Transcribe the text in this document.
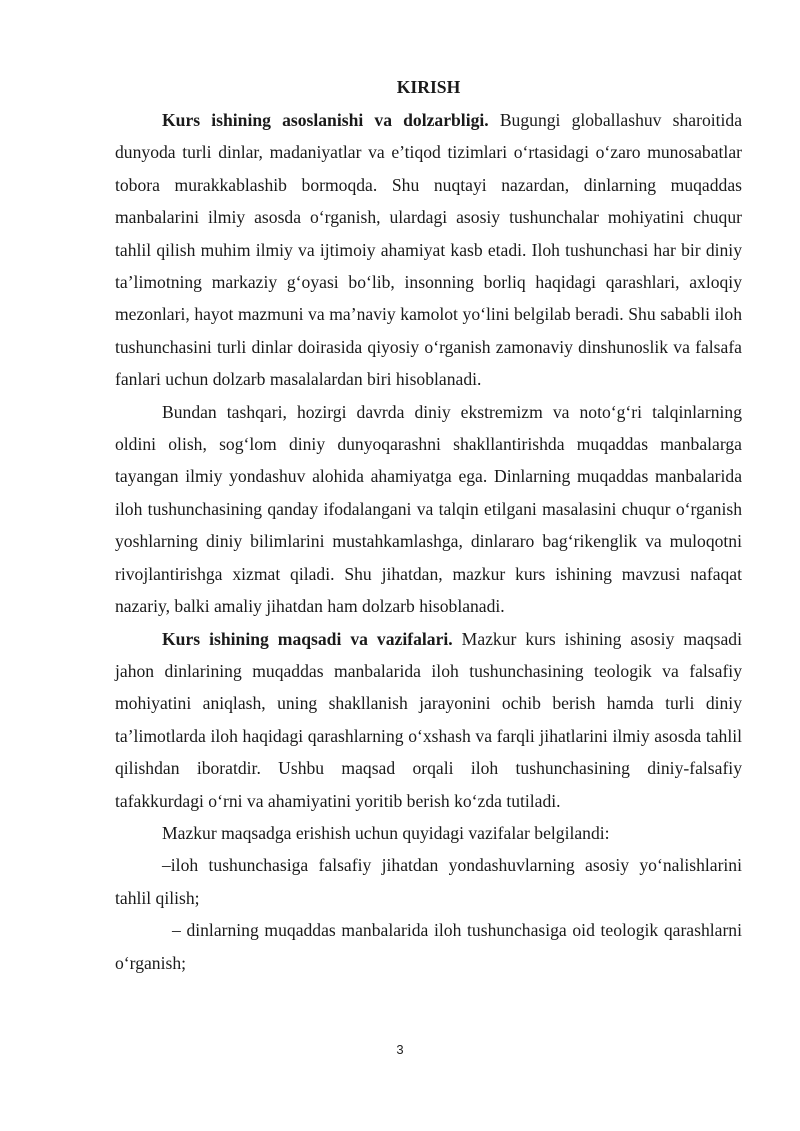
KIRISH

Kurs ishining asoslanishi va dolzarbligi. Bugungi globallashuv sharoitida dunyoda turli dinlar, madaniyatlar va e’tiqod tizimlari o‘rtasidagi o‘zaro munosabatlar tobora murakkablashib bormoqda. Shu nuqtayi nazardan, dinlarning muqaddas manbalarini ilmiy asosda o‘rganish, ulardagi asosiy tushunchalar mohiyatini chuqur tahlil qilish muhim ilmiy va ijtimoiy ahamiyat kasb etadi. Iloh tushunchasi har bir diniy ta’limotning markaziy g‘oyasi bo‘lib, insonning borliq haqidagi qarashlari, axloqiy mezonlari, hayot mazmuni va ma’naviy kamolot yo‘lini belgilab beradi. Shu sababli iloh tushunchasini turli dinlar doirasida qiyosiy o‘rganish zamonaviy dinshunoslik va falsafa fanlari uchun dolzarb masalalardan biri hisoblanadi.

Bundan tashqari, hozirgi davrda diniy ekstremizm va noto‘g‘ri talqinlarning oldini olish, sog‘lom diniy dunyoqarashni shakllantirishda muqaddas manbalarga tayangan ilmiy yondashuv alohida ahamiyatga ega. Dinlarning muqaddas manbalarida iloh tushunchasining qanday ifodalangani va talqin etilgani masalasini chuqur o‘rganish yoshlarning diniy bilimlarini mustahkamlashga, dinlararo bag‘rikenglik va muloqotni rivojlantirishga xizmat qiladi. Shu jihatdan, mazkur kurs ishining mavzusi nafaqat nazariy, balki amaliy jihatdan ham dolzarb hisoblanadi.

Kurs ishining maqsadi va vazifalari. Mazkur kurs ishining asosiy maqsadi jahon dinlarining muqaddas manbalarida iloh tushunchasining teologik va falsafiy mohiyatini aniqlash, uning shakllanish jarayonini ochib berish hamda turli diniy ta’limotlarda iloh haqidagi qarashlarning o‘xshash va farqli jihatlarini ilmiy asosda tahlil qilishdan iboratdir. Ushbu maqsad orqali iloh tushunchasining diniy-falsafiy tafakkurdagi o‘rni va ahamiyatini yoritib berish ko‘zda tutiladi.

Mazkur maqsadga erishish uchun quyidagi vazifalar belgilandi:

–iloh tushunchasiga falsafiy jihatdan yondashuvlarning asosiy yo‘nalishlarini tahlil qilish;

– dinlarning muqaddas manbalarida iloh tushunchasiga oid teologik qarashlarni o‘rganish;

3
